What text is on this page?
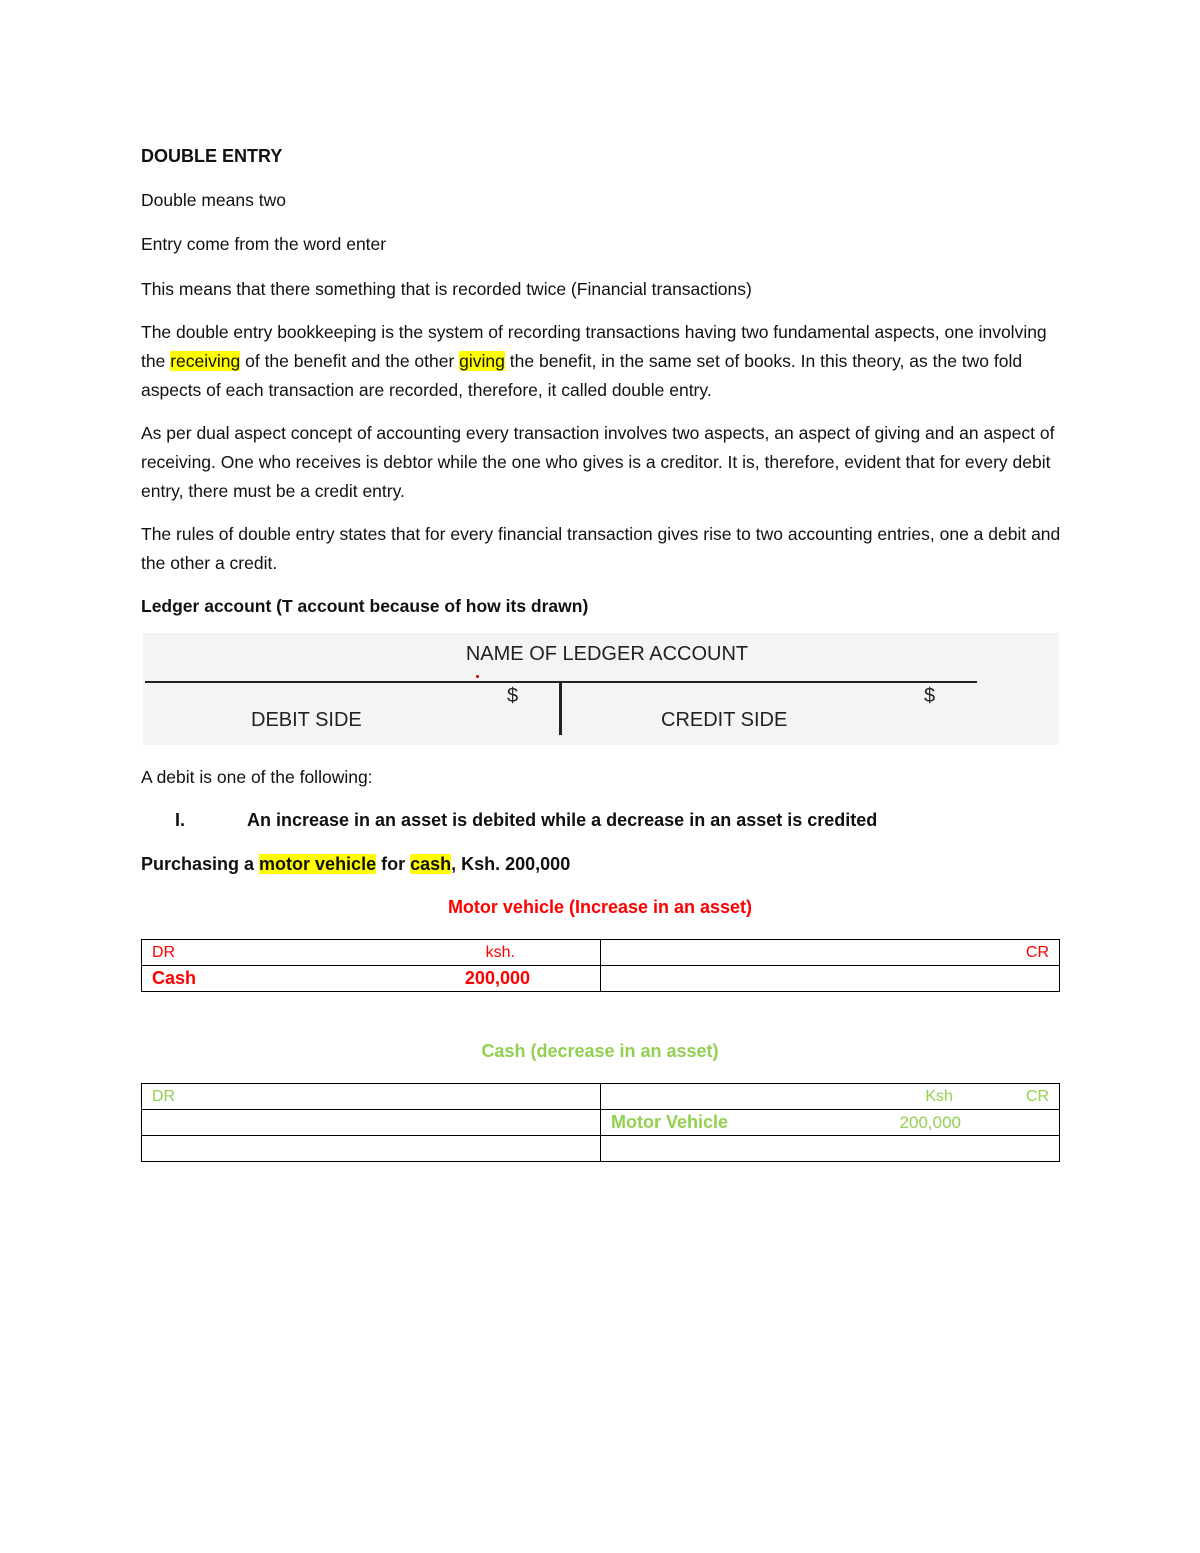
DOUBLE ENTRY
Double means two
Entry come from the word enter
This means that there something that is recorded twice (Financial transactions)
The double entry bookkeeping is the system of recording transactions having two fundamental aspects, one involving the receiving of the benefit and the other giving the benefit, in the same set of books. In this theory, as the two fold aspects of each transaction are recorded, therefore, it called double entry.
As per dual aspect concept of accounting every transaction involves two aspects, an aspect of giving and an aspect of receiving. One who receives is debtor while the one who gives is a creditor. It is, therefore, evident that for every debit entry, there must be a credit entry.
The rules of double entry states that for every financial transaction gives rise to two accounting entries, one a debit and the other a credit.
Ledger account (T account because of how its drawn)
NAME OF LEDGER ACCOUNT
$	$
DEBIT SIDE	CREDIT SIDE
A debit is one of the following:
I.	An increase in an asset is debited while a decrease in an asset is credited
Purchasing a motor vehicle for cash, Ksh. 200,000
Motor vehicle (Increase in an asset)
DR ksh.	CR

Cash 200,000	

Cash (decrease in an asset)
DR	Ksh CR

	Motor Vehicle 200,000
